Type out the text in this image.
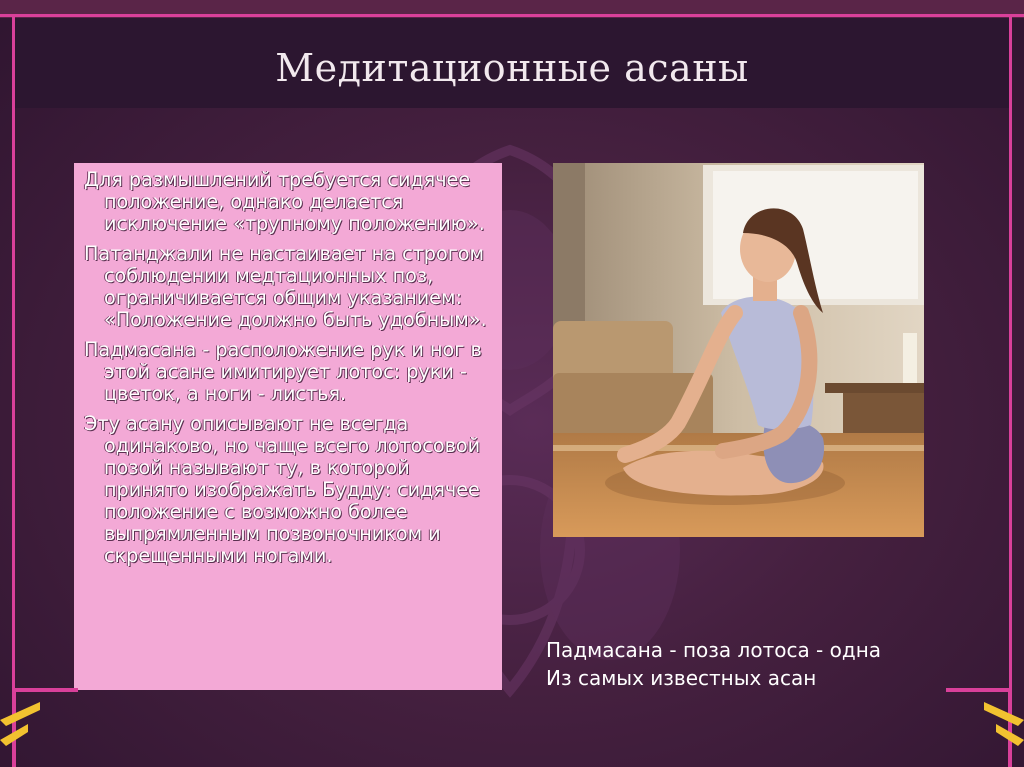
Медитационные асаны

Для размышлений требуется сидячее положение, однако делается исключение «трупному положению».

Патанджали не настаивает на строгом соблюдении медтационных поз, ограничивается общим указанием: «Положение должно быть удобным».

Падмасана - расположение рук и ног в этой асане имитирует лотос: руки - цветок, а ноги - листья.

Эту асану описывают не всегда одинаково, но чаще всего лотосовой позой называют ту, в которой принято изображать Будду: сидячее положение с возможно более выпрямленным позвоночником и скрещенными ногами.

Падмасана - поза лотоса - одна
Из самых известных асан
